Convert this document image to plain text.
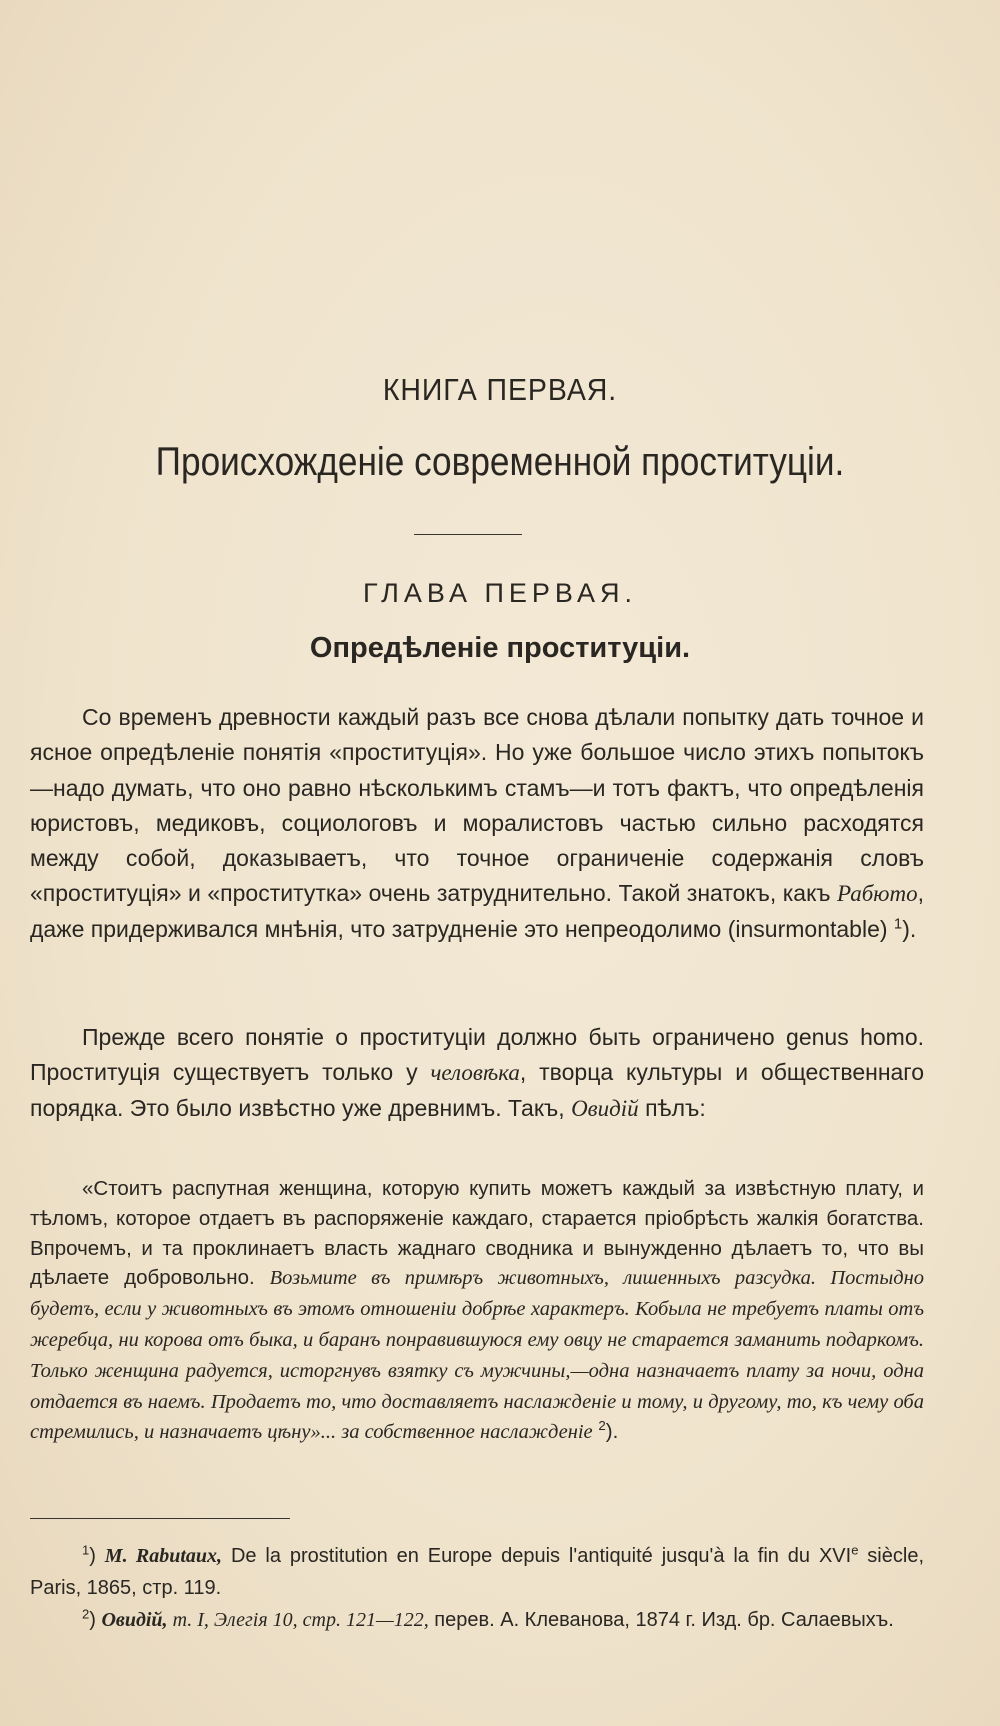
КНИГА ПЕРВАЯ.
Происхожденіе современной проституціи.
ГЛАВА ПЕРВАЯ.
Опредѣленіе проституціи.

Со временъ древности каждый разъ все снова дѣлали попытку дать точное и ясное опредѣленіе понятія «проституція». Но уже большое число этихъ попытокъ—надо думать, что оно равно нѣсколькимъ стамъ—и тотъ фактъ, что опредѣленія юристовъ, медиковъ, социологовъ и моралистовъ частью сильно расходятся между собой, доказываетъ, что точное ограниченіе содержанія словъ «проституція» и «проститутка» очень затруднительно. Такой знатокъ, какъ Рабюто, даже придерживался мнѣнія, что затрудненіе это непреодолимо (insurmontable) $^1$).

Прежде всего понятіе о проституціи должно быть ограничено genus homo. Проституція существуетъ только у человѣка, творца культуры и общественнаго порядка. Это было извѣстно уже древнимъ. Такъ, Овидій пѣлъ:

«Стоитъ распутная женщина, которую купить можетъ каждый за извѣстную плату, и тѣломъ, которое отдаетъ въ распоряженіе каждаго, старается пріобрѣсть жалкія богатства. Впрочемъ, и та проклинаетъ власть жаднаго сводника и вынужденно дѣлаетъ то, что вы дѣлаете добровольно. Возьмите въ примѣръ животныхъ, лишенныхъ разсудка. Постыдно будетъ, если у животныхъ въ этомъ отношеніи добрѣе характеръ. Кобыла не требуетъ платы отъ жеребца, ни корова отъ быка, и баранъ понравившуюся ему овцу не старается заманить подаркомъ. Только женщина радуется, исторгнувъ взятку съ мужчины,—одна назначаетъ плату за ночи, одна отдается въ наемъ. Продаетъ то, что доставляетъ наслажденіе и тому, и другому, то, къ чему оба стремились, и назначаетъ цѣну»... за собственное наслажденіе $^2$).

$^1$) M. Rabutaux, De la prostitution en Europe depuis l'antiquité jusqu'à la fin du XVIe siècle, Paris, 1865, стр. 119.

$^2$) Овидій, т. I, Элегія 10, стр. 121—122, перев. А. Клеванова, 1874 г. Изд. бр. Салаевыхъ.
